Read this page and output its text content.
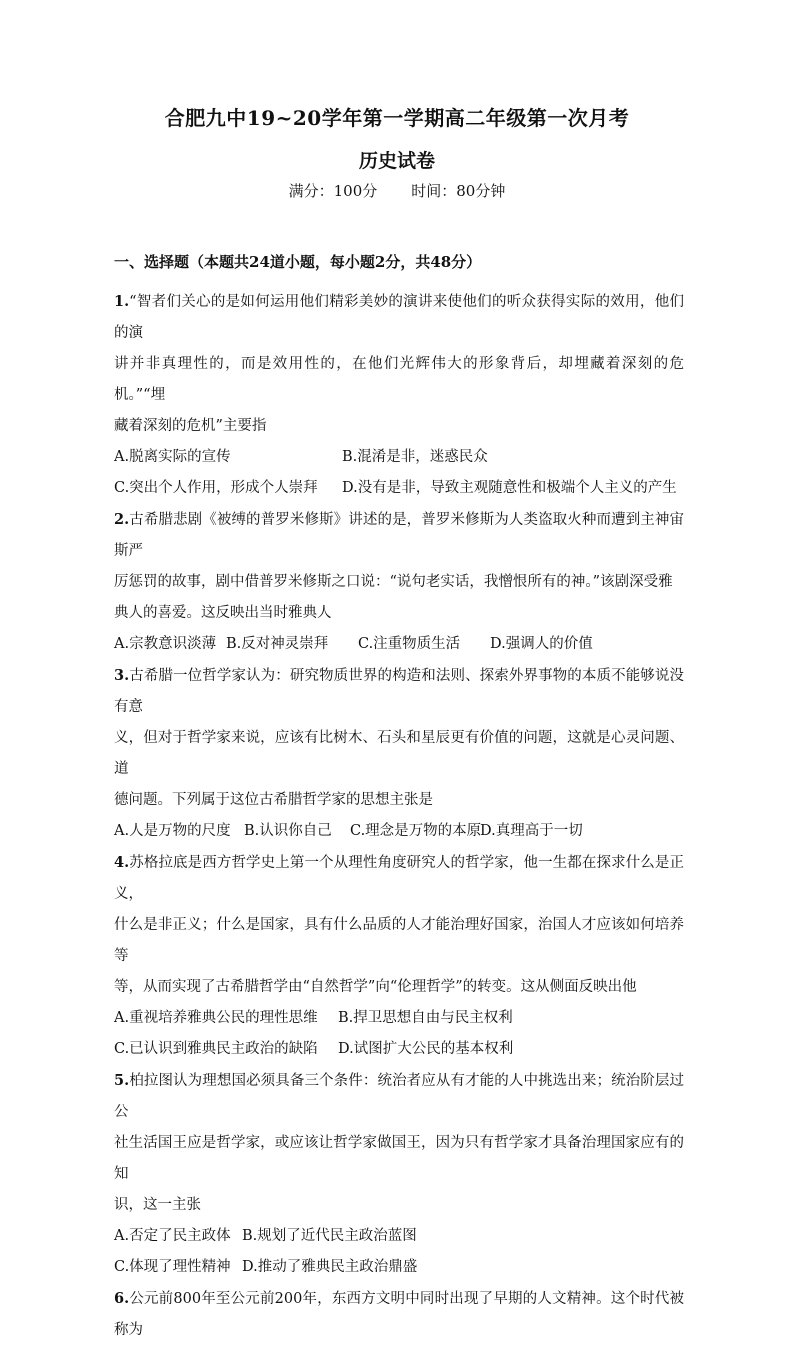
合肥九中19~20学年第一学期高二年级第一次月考
历史试卷
满分：100分 时间：80分钟
一、选择题（本题共24道小题，每小题2分，共48分）
1.“智者们关心的是如何运用他们精彩美妙的演讲来使他们的听众获得实际的效用，他们的演
讲并非真理性的，而是效用性的，在他们光辉伟大的形象背后，却埋藏着深刻的危机。”“埋
藏着深刻的危机”主要指
A.脱离实际的宣传	B.混淆是非，迷惑民众
C.突出个人作用，形成个人崇拜	D.没有是非，导致主观随意性和极端个人主义的产生
2.古希腊悲剧《被缚的普罗米修斯》讲述的是，普罗米修斯为人类盗取火种而遭到主神宙斯严
厉惩罚的故事，剧中借普罗米修斯之口说：“说句老实话，我憎恨所有的神。”该剧深受雅
典人的喜爱。这反映出当时雅典人
A.宗教意识淡薄 B.反对神灵崇拜	C.注重物质生活	D.强调人的价值
3.古希腊一位哲学家认为：研究物质世界的构造和法则、探索外界事物的本质不能够说没有意
义，但对于哲学家来说，应该有比树木、石头和星辰更有价值的问题，这就是心灵问题、道
德问题。下列属于这位古希腊哲学家的思想主张是
A.人是万物的尺度 B.认识你自己	C.理念是万物的本原
D.真理高于一切
4.苏格拉底是西方哲学史上第一个从理性角度研究人的哲学家，他一生都在探求什么是正义，
什么是非正义；什么是国家，具有什么品质的人才能治理好国家，治国人才应该如何培养等
等，从而实现了古希腊哲学由“自然哲学”向“伦理哲学”的转变。这从侧面反映出他
A.重视培养雅典公民的理性思维	B.捍卫思想自由与民主权利
C.已认识到雅典民主政治的缺陷	D.试图扩大公民的基本权利
5.柏拉图认为理想国必须具备三个条件：统治者应从有才能的人中挑选出来；统治阶层过公
社生活国王应是哲学家，或应该让哲学家做国王，因为只有哲学家才具备治理国家应有的知
识，这一主张
A.否定了民主政体 B.规划了近代民主政治蓝图
C.体现了理性精神 D.推动了雅典民主政治鼎盛
6.公元前800年至公元前200年，东西方文明中同时出现了早期的人文精神。这个时代被称为
